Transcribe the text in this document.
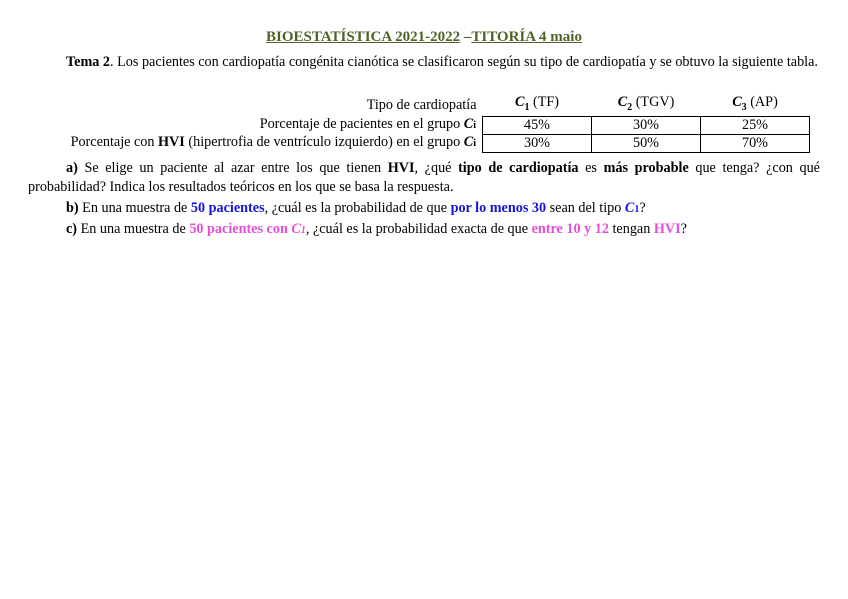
BIOESTATÍSTICA 2021-2022 –TITORÍA 4 maio
Tema 2. Los pacientes con cardiopatía congénita cianótica se clasificaron según su tipo de cardiopatía y se obtuvo la siguiente tabla.
Tipo de cardiopatía	$C_1$ (TF)	$C_2$ (TGV)	$C_3$ (AP)
Porcentaje de pacientes en el grupo Ci	45%	30%	25%
Porcentaje con HVI (hipertrofia de ventrículo izquierdo) en el grupo Ci	30%	50%	70%
a) Se elige un paciente al azar entre los que tienen HVI, ¿qué tipo de cardiopatía es más probable que tenga? ¿con qué probabilidad? Indica los resultados teóricos en los que se basa la respuesta.
b) En una muestra de 50 pacientes, ¿cuál es la probabilidad de que por lo menos 30 sean del tipo C1?
c) En una muestra de 50 pacientes con C1, ¿cuál es la probabilidad exacta de que entre 10 y 12 tengan HVI?
